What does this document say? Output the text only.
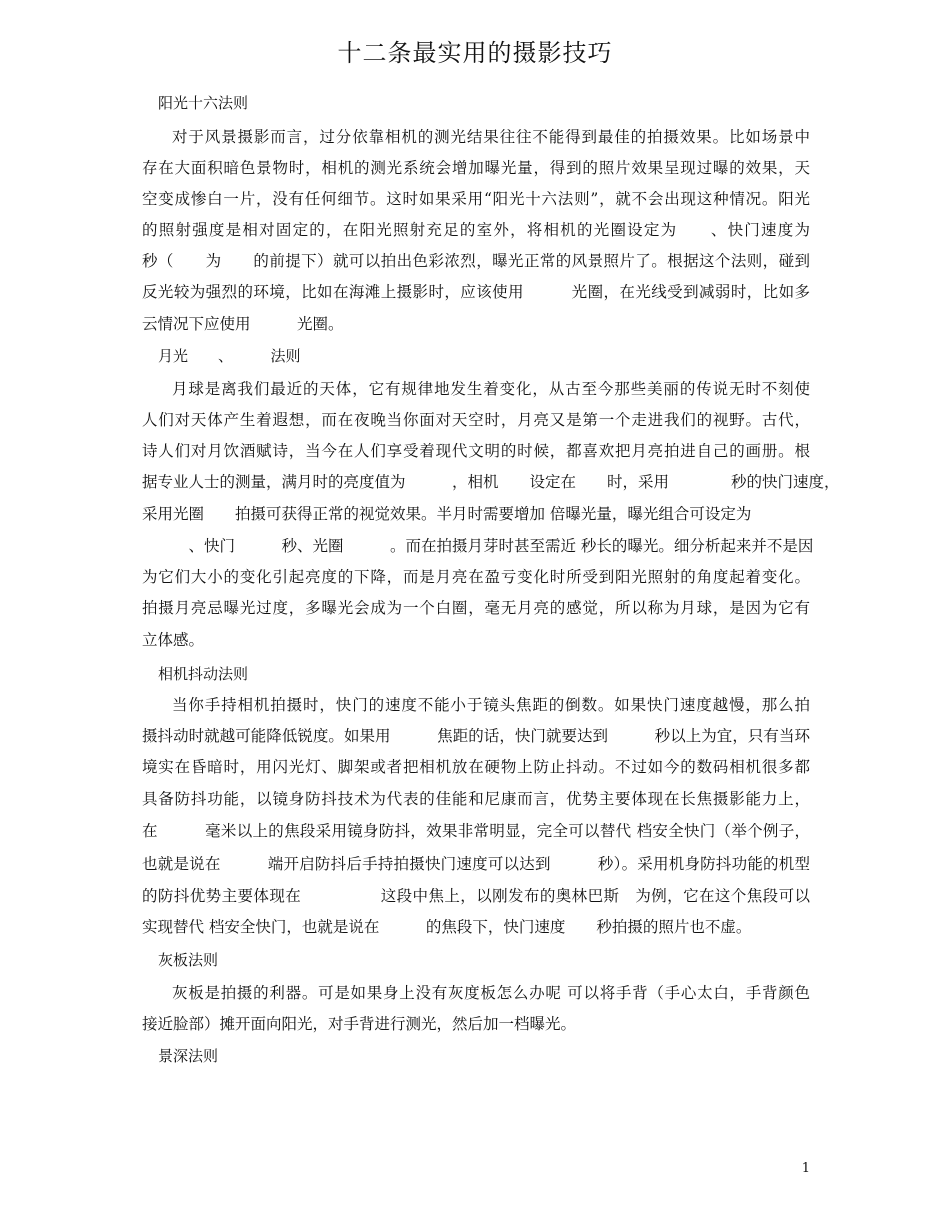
十二条最实用的摄影技巧
阳光十六法则
对于风景摄影而言，过分依靠相机的测光结果往往不能得到最佳的拍摄效果。比如场景中
存在大面积暗色景物时，相机的测光系统会增加曝光量，得到的照片效果呈现过曝的效果，天
空变成惨白一片，没有任何细节。这时如果采用“阳光十六法则”，就不会出现这种情况。阳光
的照射强度是相对固定的，在阳光照射充足的室外，将相机的光圈设定为　　、快门速度为
秒（　　为　　的前提下）就可以拍出色彩浓烈，曝光正常的风景照片了。根据这个法则，碰到
反光较为强烈的环境，比如在海滩上摄影时，应该使用　　　光圈，在光线受到减弱时，比如多
云情况下应使用　　　光圈。
月光　　、　　　法则
月球是离我们最近的天体，它有规律地发生着变化，从古至今那些美丽的传说无时不刻使
人们对天体产生着遐想，而在夜晚当你面对天空时，月亮又是第一个走进我们的视野。古代，
诗人们对月饮酒赋诗，当今在人们享受着现代文明的时候，都喜欢把月亮拍进自己的画册。根
据专业人士的测量，满月时的亮度值为　　　，相机　　设定在　　时，采用　　　　秒的快门速度，
采用光圈　　拍摄可获得正常的视觉效果。半月时需要增加 倍曝光量，曝光组合可设定为
　　　、快门　　　秒、光圈　　　。而在拍摄月芽时甚至需近 秒长的曝光。细分析起来并不是因
为它们大小的变化引起亮度的下降，而是月亮在盈亏变化时所受到阳光照射的角度起着变化。
拍摄月亮忌曝光过度，多曝光会成为一个白圈，毫无月亮的感觉，所以称为月球，是因为它有
立体感。
相机抖动法则
当你手持相机拍摄时，快门的速度不能小于镜头焦距的倒数。如果快门速度越慢，那么拍
摄抖动时就越可能降低锐度。如果用　　　焦距的话，快门就要达到　　　秒以上为宜，只有当环
境实在昏暗时，用闪光灯、脚架或者把相机放在硬物上防止抖动。不过如今的数码相机很多都
具备防抖功能，以镜身防抖技术为代表的佳能和尼康而言，优势主要体现在长焦摄影能力上，
在　　　毫米以上的焦段采用镜身防抖，效果非常明显，完全可以替代 档安全快门（举个例子，
也就是说在　　　端开启防抖后手持拍摄快门速度可以达到　　　秒）。采用机身防抖功能的机型
的防抖优势主要体现在　　　　　这段中焦上，以刚发布的奥林巴斯　为例，它在这个焦段可以
实现替代 档安全快门，也就是说在　　　的焦段下，快门速度　　秒拍摄的照片也不虚。
灰板法则
灰板是拍摄的利器。可是如果身上没有灰度板怎么办呢 可以将手背（手心太白，手背颜色
接近脸部）摊开面向阳光，对手背进行测光，然后加一档曝光。
景深法则
1
